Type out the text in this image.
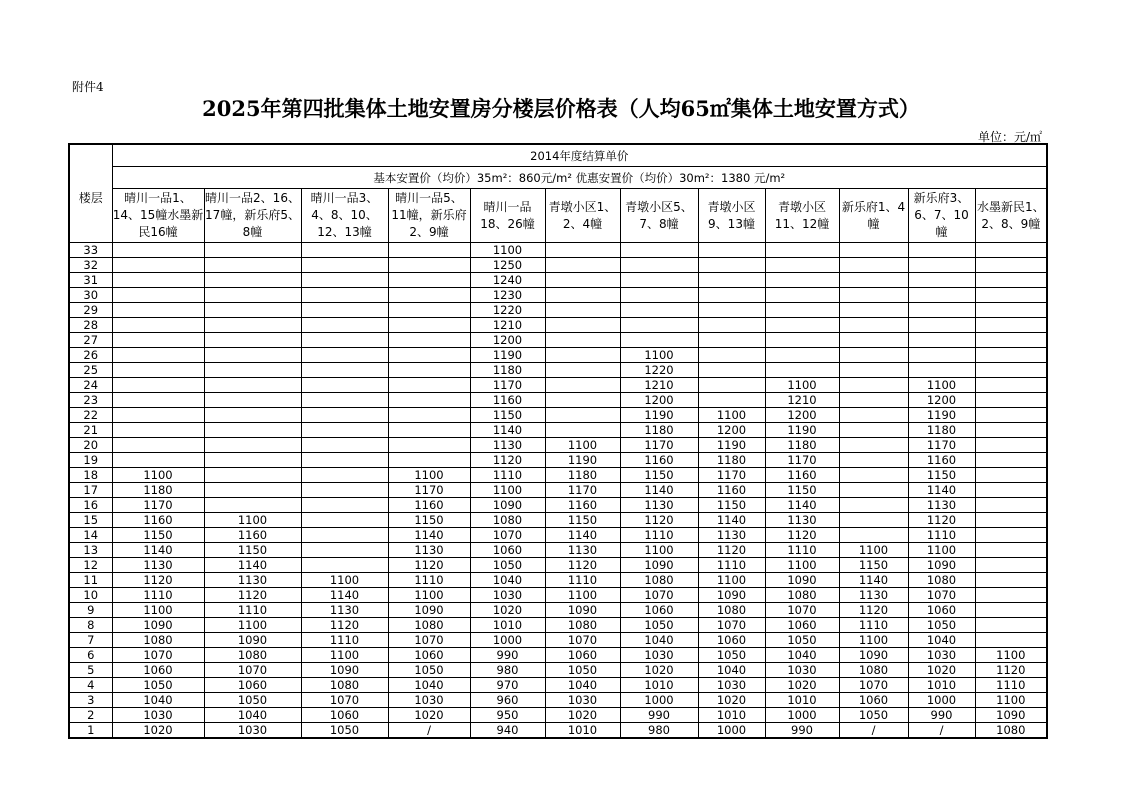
附件4
2025年第四批集体土地安置房分楼层价格表（人均65㎡集体土地安置方式）
单位：元/㎡
楼层	2014年度结算单价											
	基本安置价（均价）35m²：860元/m² 优惠安置价（均价）30m²：1380 元/m²											
	晴川一品1、14、15幢水墨新民16幢	晴川一品2、16、17幢，新乐府5、8幢	晴川一品3、4、8、10、12、13幢	晴川一品5、11幢，新乐府2、9幢	晴川一品18、26幢	青墩小区1、2、4幢	青墩小区5、7、8幢	青墩小区9、13幢	青墩小区11、12幢	新乐府1、4幢	新乐府3、6、7、10幢	水墨新民1、2、8、9幢
33					1100							
32					1250							
31					1240							
30					1230							
29					1220							
28					1210							
27					1200							
26					1190		1100					
25					1180		1220					
24					1170		1210		1100		1100	
23					1160		1200		1210		1200	
22					1150		1190	1100	1200		1190	
21					1140		1180	1200	1190		1180	
20					1130	1100	1170	1190	1180		1170	
19					1120	1190	1160	1180	1170		1160	
18	1100			1100	1110	1180	1150	1170	1160		1150	
17	1180			1170	1100	1170	1140	1160	1150		1140	
16	1170			1160	1090	1160	1130	1150	1140		1130	
15	1160	1100		1150	1080	1150	1120	1140	1130		1120	
14	1150	1160		1140	1070	1140	1110	1130	1120		1110	
13	1140	1150		1130	1060	1130	1100	1120	1110	1100	1100	
12	1130	1140		1120	1050	1120	1090	1110	1100	1150	1090	
11	1120	1130	1100	1110	1040	1110	1080	1100	1090	1140	1080	
10	1110	1120	1140	1100	1030	1100	1070	1090	1080	1130	1070	
9	1100	1110	1130	1090	1020	1090	1060	1080	1070	1120	1060	
8	1090	1100	1120	1080	1010	1080	1050	1070	1060	1110	1050	
7	1080	1090	1110	1070	1000	1070	1040	1060	1050	1100	1040	
6	1070	1080	1100	1060	990	1060	1030	1050	1040	1090	1030	1100
5	1060	1070	1090	1050	980	1050	1020	1040	1030	1080	1020	1120
4	1050	1060	1080	1040	970	1040	1010	1030	1020	1070	1010	1110
3	1040	1050	1070	1030	960	1030	1000	1020	1010	1060	1000	1100
2	1030	1040	1060	1020	950	1020	990	1010	1000	1050	990	1090
1	1020	1030	1050	/	940	1010	980	1000	990	/	/	1080
